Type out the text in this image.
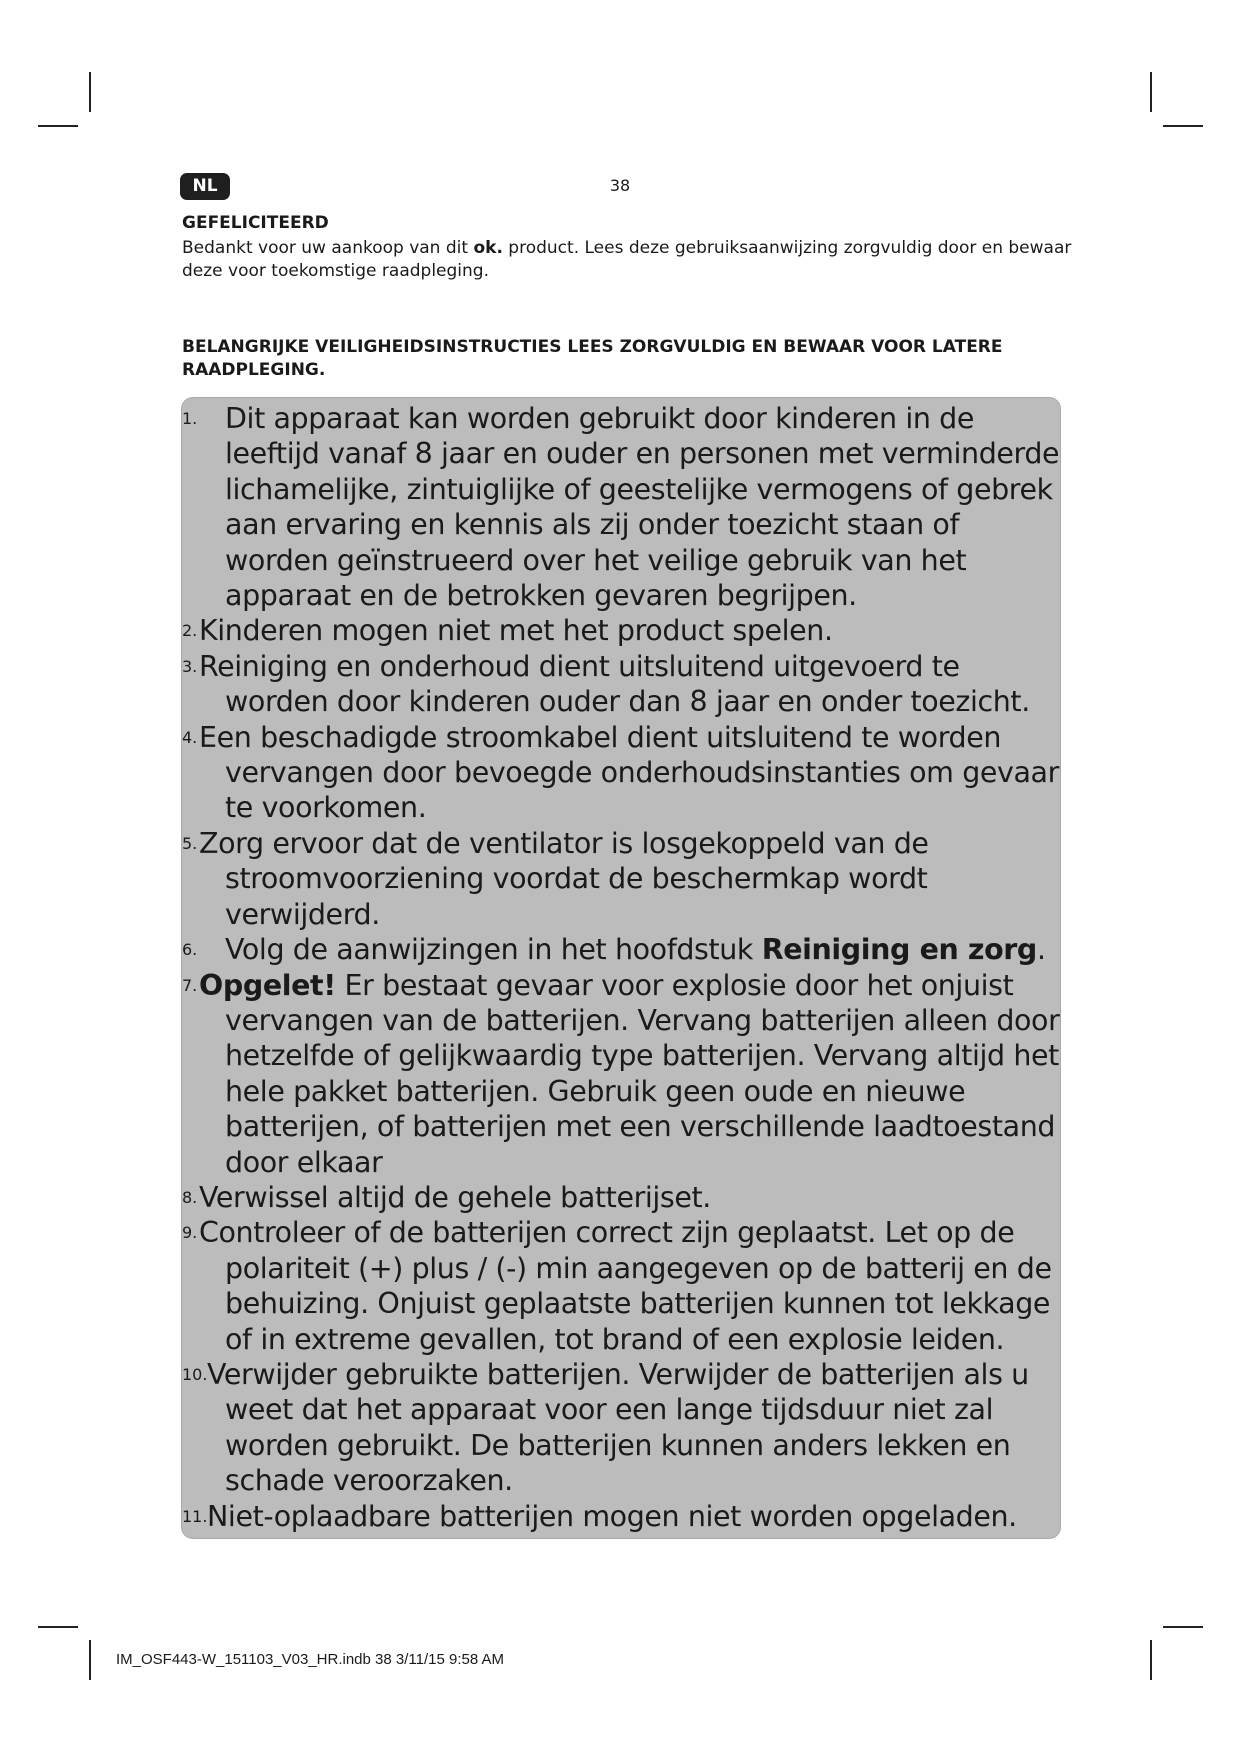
NL	38
GEFELICITEERD
Bedankt voor uw aankoop van dit ok. product. Lees deze gebruiksaanwijzing zorgvuldig door en bewaar deze voor toekomstige raadpleging.
BELANGRIJKE VEILIGHEIDSINSTRUCTIES LEES ZORGVULDIG EN BEWAAR VOOR LATERE RAADPLEGING.
1. Dit apparaat kan worden gebruikt door kinderen in de leeftijd vanaf 8 jaar en ouder en personen met verminderde lichamelijke, zintuiglijke of geestelijke vermogens of gebrek aan ervaring en kennis als zij onder toezicht staan of worden geïnstrueerd over het veilige gebruik van het apparaat en de betrokken gevaren begrijpen.
2. Kinderen mogen niet met het product spelen.
3. Reiniging en onderhoud dient uitsluitend uitgevoerd te worden door kinderen ouder dan 8 jaar en onder toezicht.
4. Een beschadigde stroomkabel dient uitsluitend te worden vervangen door bevoegde onderhoudsinstanties om gevaar te voorkomen.
5. Zorg ervoor dat de ventilator is losgekoppeld van de stroomvoorziening voordat de beschermkap wordt verwijderd.
6. Volg de aanwijzingen in het hoofdstuk Reiniging en zorg.
7. Opgelet! Er bestaat gevaar voor explosie door het onjuist vervangen van de batterijen. Vervang batterijen alleen door hetzelfde of gelijkwaardig type batterijen. Vervang altijd het hele pakket batterijen. Gebruik geen oude en nieuwe batterijen, of batterijen met een verschillende laadtoestand door elkaar
8. Verwissel altijd de gehele batterijset.
9. Controleer of de batterijen correct zijn geplaatst. Let op de polariteit (+) plus / (-) min aangegeven op de batterij en de behuizing. Onjuist geplaatste batterijen kunnen tot lekkage of in extreme gevallen, tot brand of een explosie leiden.
10. Verwijder gebruikte batterijen. Verwijder de batterijen als u weet dat het apparaat voor een lange tijdsduur niet zal worden gebruikt. De batterijen kunnen anders lekken en schade veroorzaken.
11. Niet-oplaadbare batterijen mogen niet worden opgeladen.
IM_OSF443-W_151103_V03_HR.indb 38 3/11/15 9:58 AM
